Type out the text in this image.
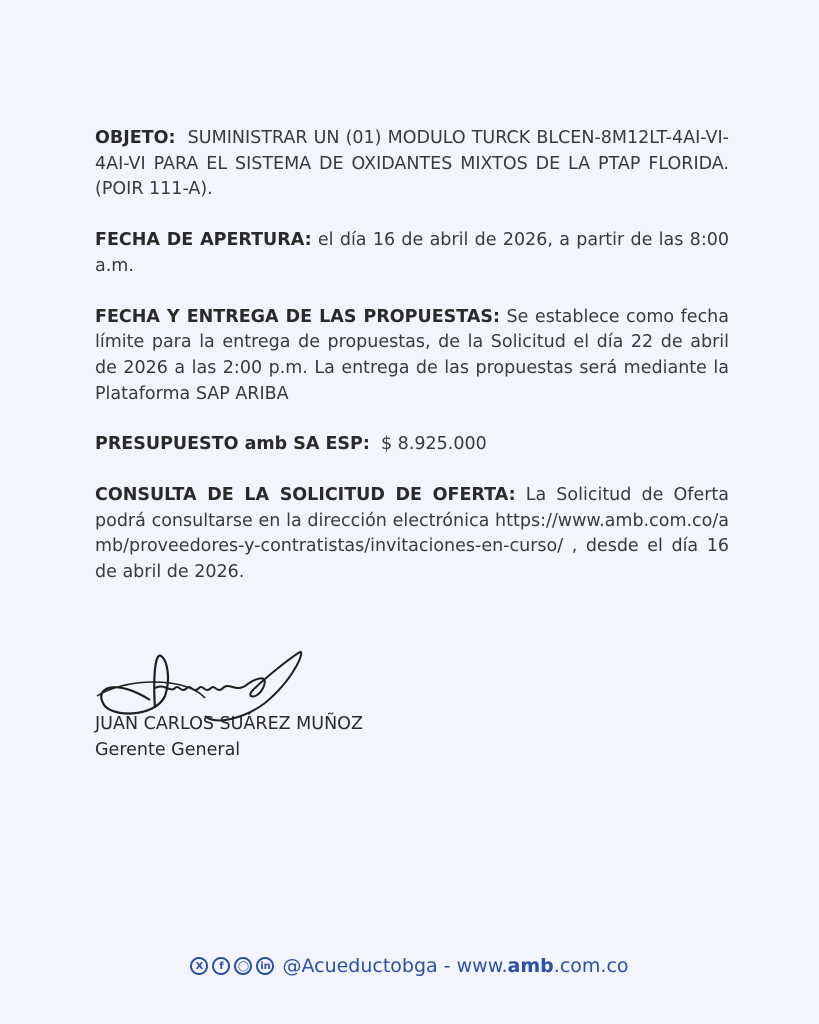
OBJETO:  SUMINISTRAR UN (01) MODULO TURCK BLCEN-8M12LT-4AI-VI-4AI-VI PARA EL SISTEMA DE OXIDANTES MIXTOS DE LA PTAP FLORIDA. (POIR 111-A).

FECHA DE APERTURA: el día 16 de abril de 2026, a partir de las 8:00 a.m.

FECHA Y ENTREGA DE LAS PROPUESTAS: Se establece como fecha límite para la entrega de propuestas, de la Solicitud el día 22 de abril de 2026 a las 2:00 p.m. La entrega de las propuestas será mediante la Plataforma SAP ARIBA

PRESUPUESTO amb SA ESP:  $ 8.925.000

CONSULTA DE LA SOLICITUD DE OFERTA: La Solicitud de Oferta podrá consultarse en la dirección electrónica https://www.amb.com.co/amb/proveedores-y-contratistas/invitaciones-en-curso/ , desde el día 16 de abril de 2026.

JUAN CARLOS SUÁREZ MUÑOZ
Gerente General
X	f	◯	in @Acueductobga - www. amb .com.co
